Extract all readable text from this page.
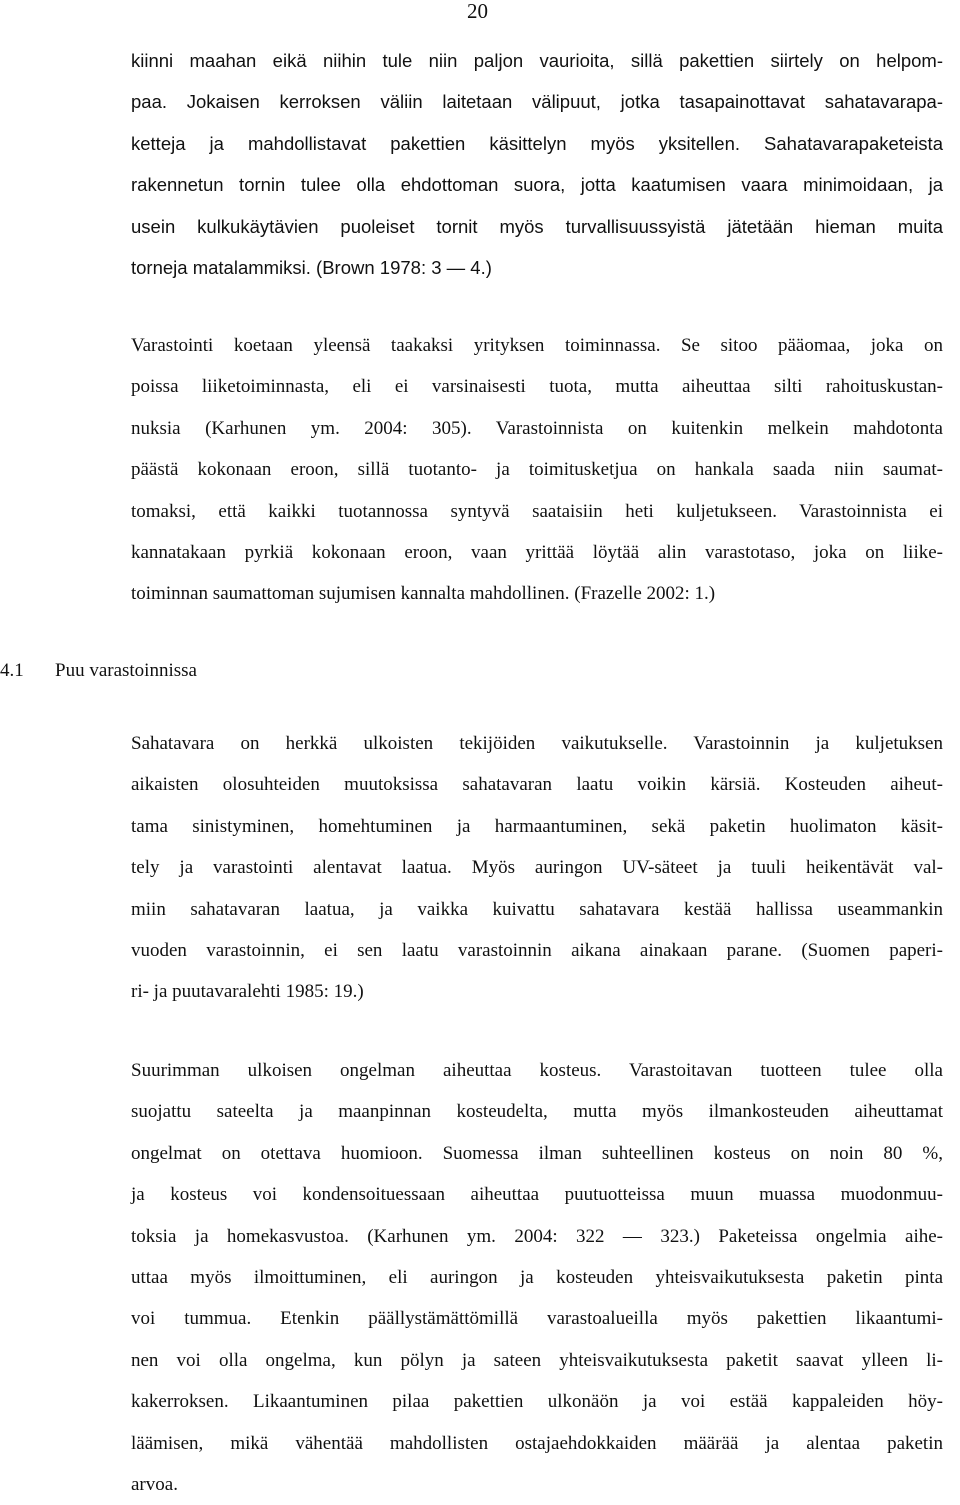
20
kiinni maahan eikä niihin tule niin paljon vaurioita, sillä pakettien siirtely on helpom-
paa. Jokaisen kerroksen väliin laitetaan välipuut, jotka tasapainottavat sahatavarapa-
ketteja ja mahdollistavat pakettien käsittelyn myös yksitellen. Sahatavarapaketeista
rakennetun tornin tulee olla ehdottoman suora, jotta kaatumisen vaara minimoidaan, ja
usein kulkukäytävien puoleiset tornit myös turvallisuussyistä jätetään hieman muita
torneja matalammiksi. (Brown 1978: 3 — 4.)
Varastointi koetaan yleensä taakaksi yrityksen toiminnassa. Se sitoo pääomaa, joka on
poissa liiketoiminnasta, eli ei varsinaisesti tuota, mutta aiheuttaa silti rahoituskustan-
nuksia (Karhunen ym. 2004: 305). Varastoinnista on kuitenkin melkein mahdotonta
päästä kokonaan eroon, sillä tuotanto- ja toimitusketjua on hankala saada niin saumat-
tomaksi, että kaikki tuotannossa syntyvä saataisiin heti kuljetukseen. Varastoinnista ei
kannatakaan pyrkiä kokonaan eroon, vaan yrittää löytää alin varastotaso, joka on liike-
toiminnan saumattoman sujumisen kannalta mahdollinen. (Frazelle 2002: 1.)
4.1 Puu varastoinnissa
Sahatavara on herkkä ulkoisten tekijöiden vaikutukselle. Varastoinnin ja kuljetuksen
aikaisten olosuhteiden muutoksissa sahatavaran laatu voikin kärsiä. Kosteuden aiheut-
tama sinistyminen, homehtuminen ja harmaantuminen, sekä paketin huolimaton käsit-
tely ja varastointi alentavat laatua. Myös auringon UV-säteet ja tuuli heikentävät val-
miin sahatavaran laatua, ja vaikka kuivattu sahatavara kestää hallissa useammankin
vuoden varastoinnin, ei sen laatu varastoinnin aikana ainakaan parane. (Suomen paperi-
ri- ja puutavaralehti 1985: 19.)
Suurimman ulkoisen ongelman aiheuttaa kosteus. Varastoitavan tuotteen tulee olla
suojattu sateelta ja maanpinnan kosteudelta, mutta myös ilmankosteuden aiheuttamat
ongelmat on otettava huomioon. Suomessa ilman suhteellinen kosteus on noin 80 %,
ja kosteus voi kondensoituessaan aiheuttaa puutuotteissa muun muassa muodonmuu-
toksia ja homekasvustoa. (Karhunen ym. 2004: 322 — 323.) Paketeissa ongelmia aihe-
uttaa myös ilmoittuminen, eli auringon ja kosteuden yhteisvaikutuksesta paketin pinta
voi tummua. Etenkin päällystämättömillä varastoalueilla myös pakettien likaantumi-
nen voi olla ongelma, kun pölyn ja sateen yhteisvaikutuksesta paketit saavat ylleen li-
kakerroksen. Likaantuminen pilaa pakettien ulkonäön ja voi estää kappaleiden höy-
läämisen, mikä vähentää mahdollisten ostajaehdokkaiden määrää ja alentaa paketin
arvoa.
